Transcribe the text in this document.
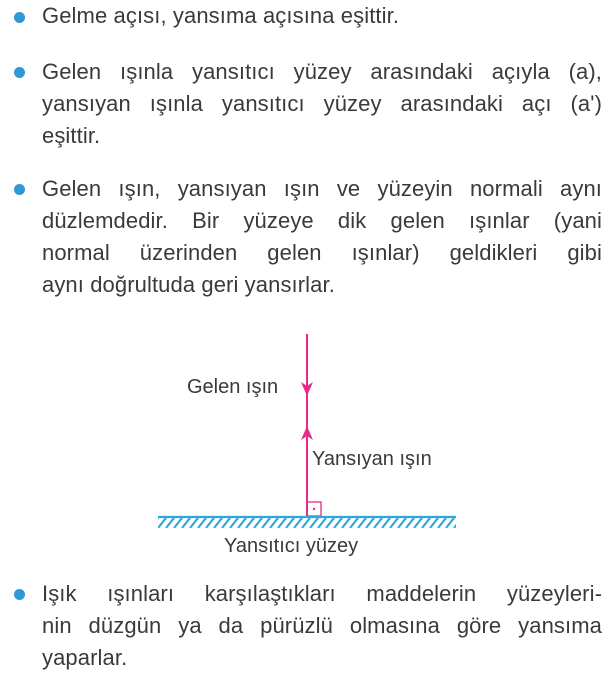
Gelme açısı, yansıma açısına eşittir.
Gelen ışınla yansıtıcı yüzey arasındaki açıyla (a),
yansıyan ışınla yansıtıcı yüzey arasındaki açı (a')
eşittir.
Gelen ışın, yansıyan ışın ve yüzeyin normali aynı
düzlemdedir. Bir yüzeye dik gelen ışınlar (yani
normal üzerinden gelen ışınlar) geldikleri gibi
aynı doğrultuda geri yansırlar.
Gelen ışın
Yansıyan ışın
Yansıtıcı yüzey
Işık ışınları karşılaştıkları maddelerin yüzeyleri-
nin düzgün ya da pürüzlü olmasına göre yansıma
yaparlar.
